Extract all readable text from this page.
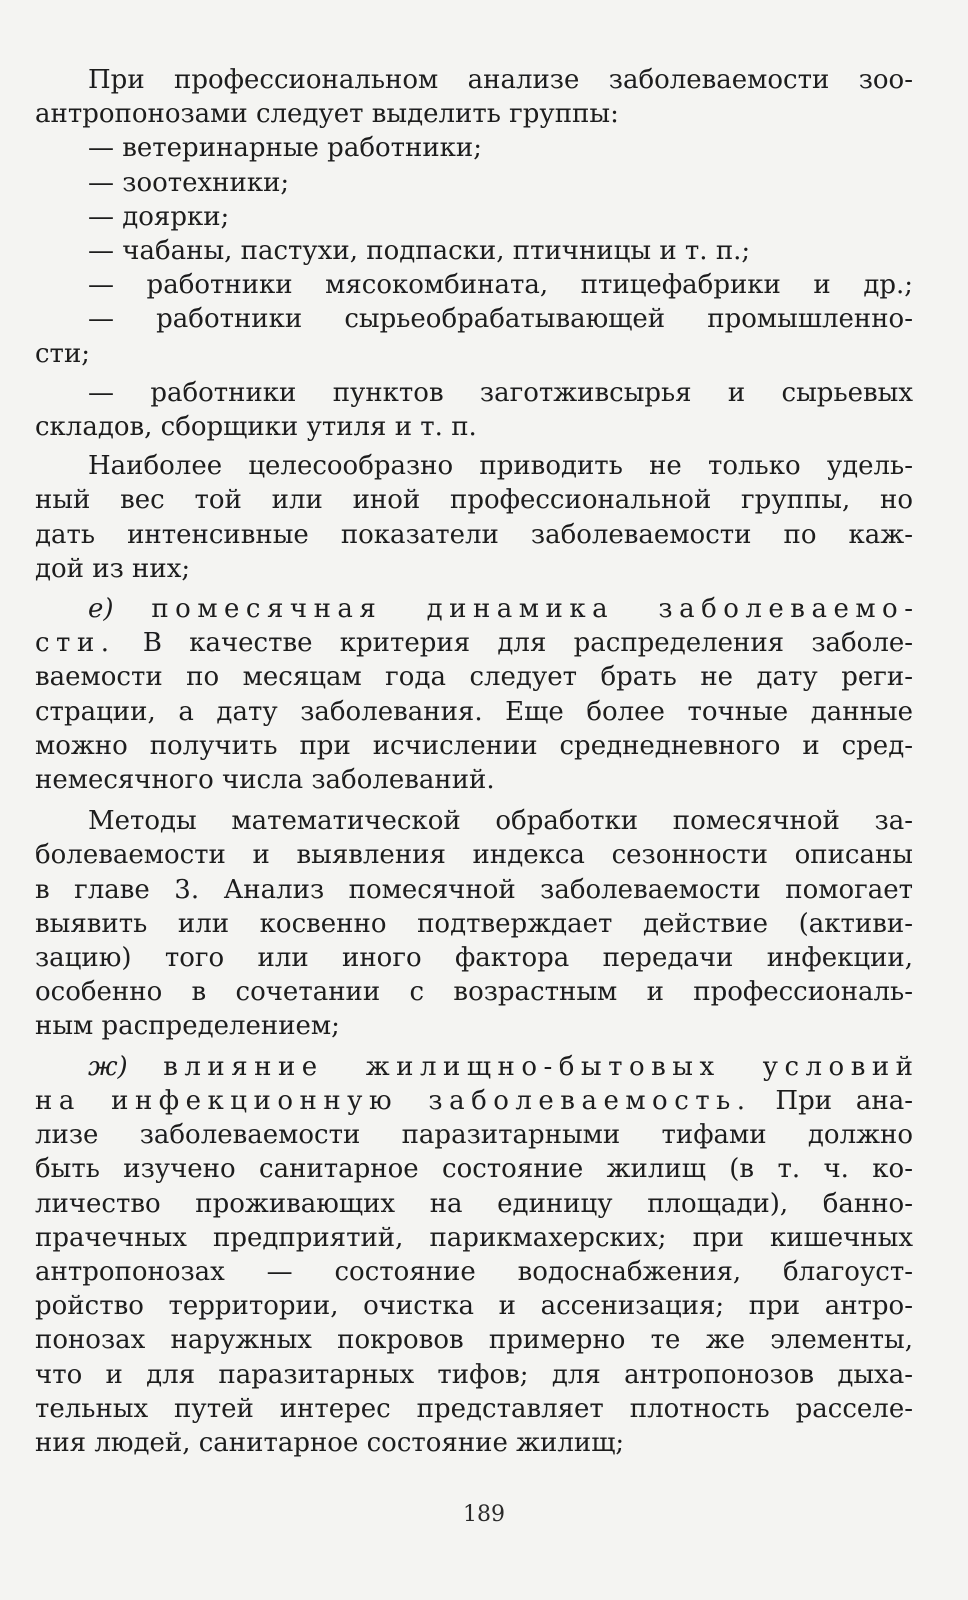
При профессиональном анализе заболеваемости зоо-
антропонозами следует выделить группы:
— ветеринарные работники;
— зоотехники;
— доярки;
— чабаны, пастухи, подпаски, птичницы и т. п.;
— работники мясокомбината, птицефабрики и др.;
— работники сырьеобрабатывающей промышленно-
сти;
— работники пунктов заготживсырья и сырьевых
складов, сборщики утиля и т. п.
Наиболее целесообразно приводить не только удель-
ный вес той или иной профессиональной группы, но
дать интенсивные показатели заболеваемости по каж-
дой из них;
е) помесячная динамика заболеваемо-
сти. В качестве критерия для распределения заболе-
ваемости по месяцам года следует брать не дату реги-
страции, а дату заболевания. Еще более точные данные
можно получить при исчислении среднедневного и сред-
немесячного числа заболеваний.
Методы математической обработки помесячной за-
болеваемости и выявления индекса сезонности описаны
в главе 3. Анализ помесячной заболеваемости помогает
выявить или косвенно подтверждает действие (активи-
зацию) того или иного фактора передачи инфекции,
особенно в сочетании с возрастным и профессиональ-
ным распределением;
ж) влияние жилищно-бытовых условий
на инфекционную заболеваемость. При ана-
лизе заболеваемости паразитарными тифами должно
быть изучено санитарное состояние жилищ (в т. ч. ко-
личество проживающих на единицу площади), банно-
прачечных предприятий, парикмахерских; при кишечных
антропонозах — состояние водоснабжения, благоуст-
ройство территории, очистка и ассенизация; при антро-
понозах наружных покровов примерно те же элементы,
что и для паразитарных тифов; для антропонозов дыха-
тельных путей интерес представляет плотность расселе-
ния людей, санитарное состояние жилищ;
189
